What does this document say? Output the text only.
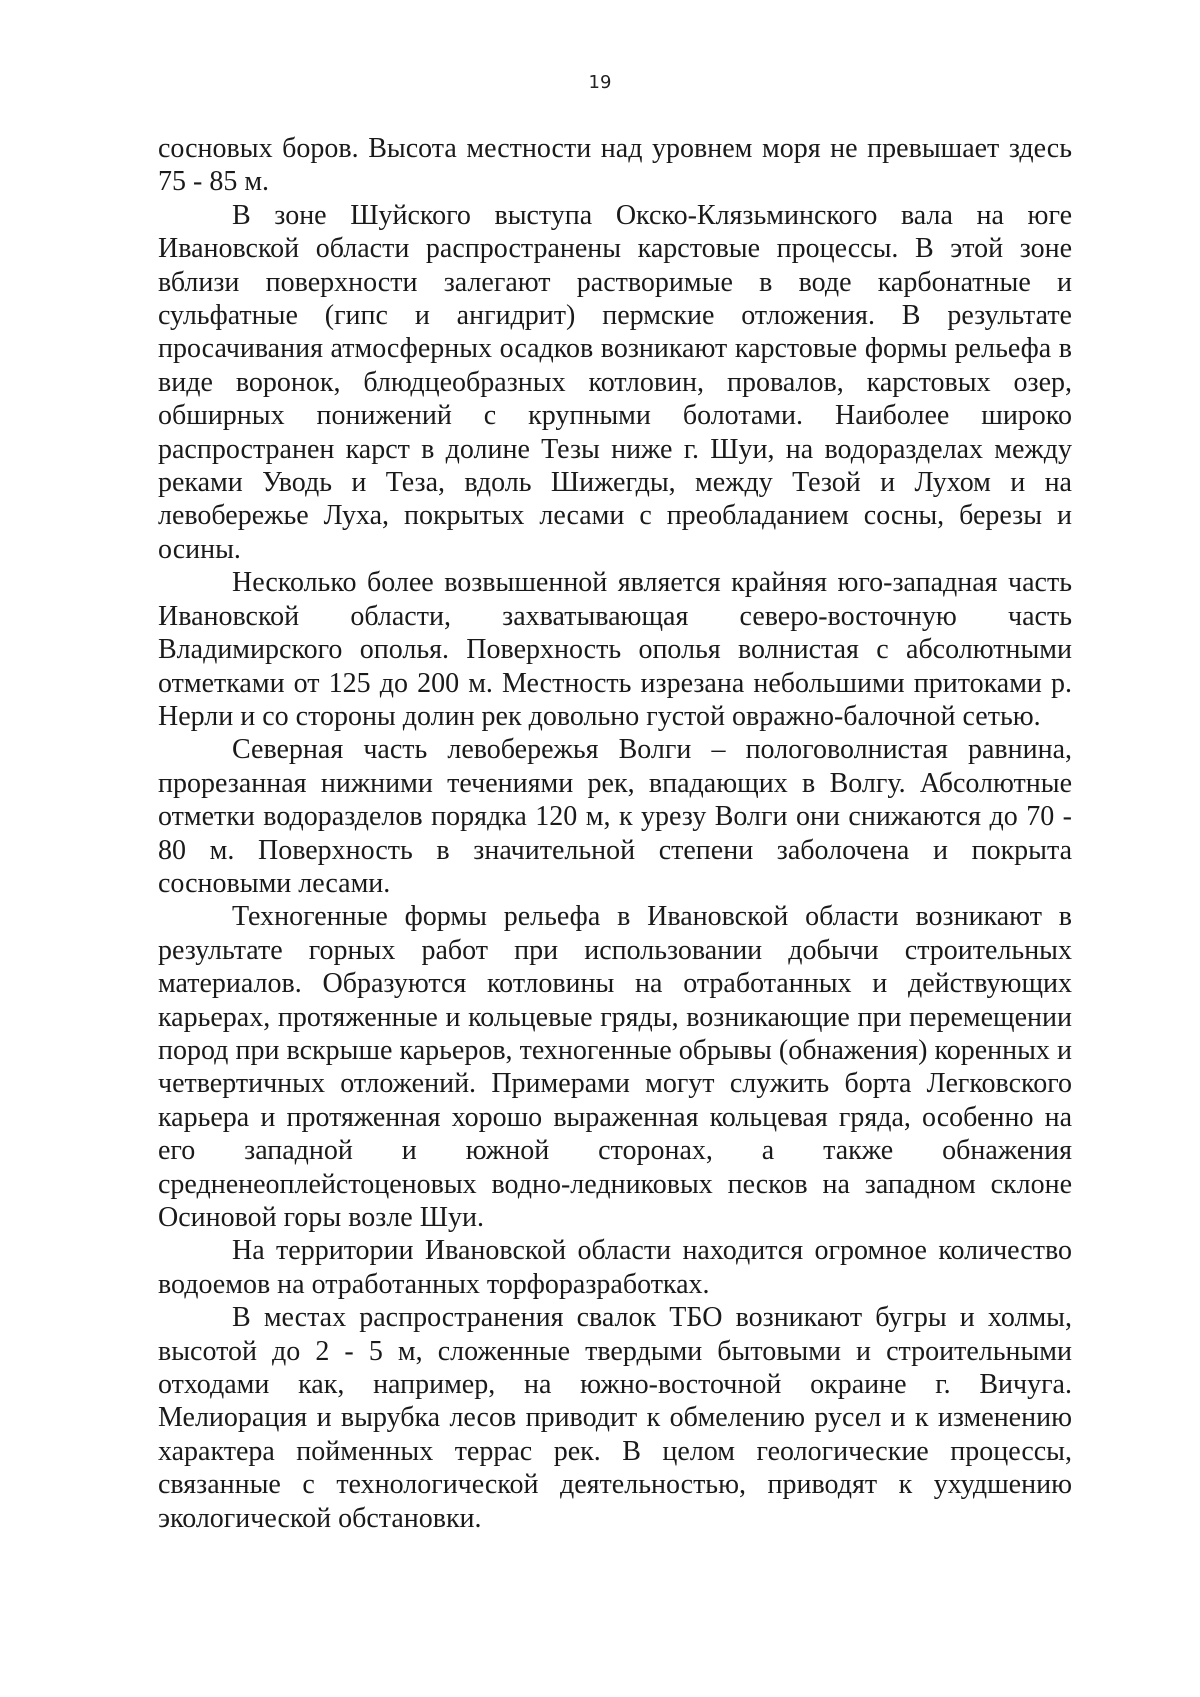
19

сосновых боров. Высота местности над уровнем моря не превышает здесь 75 - 85 м.

В зоне Шуйского выступа Окско-Клязьминского вала на юге Ивановской области распространены карстовые процессы. В этой зоне вблизи поверхности залегают растворимые в воде карбонатные и сульфатные (гипс и ангидрит) пермские отложения. В результате просачивания атмосферных осадков возникают карстовые формы рельефа в виде воронок, блюдцеобразных котловин, провалов, карстовых озер, обширных понижений с крупными болотами. Наиболее широко распространен карст в долине Тезы ниже г. Шуи, на водоразделах между реками Уводь и Теза, вдоль Шижегды, между Тезой и Лухом и на левобережье Луха, покрытых лесами с преобладанием сосны, березы и осины.

Несколько более возвышенной является крайняя юго-западная часть Ивановской области, захватывающая северо-восточную часть Владимирского ополья. Поверхность ополья волнистая с абсолютными отметками от 125 до 200 м. Местность изрезана небольшими притоками р. Нерли и со стороны долин рек довольно густой овражно-балочной сетью.

Северная часть левобережья Волги – пологоволнистая равнина, прорезанная нижними течениями рек, впадающих в Волгу. Абсолютные отметки водоразделов порядка 120 м, к урезу Волги они снижаются до 70 - 80 м. Поверхность в значительной степени заболочена и покрыта сосновыми лесами.

Техногенные формы рельефа в Ивановской области возникают в результате горных работ при использовании добычи строительных материалов. Образуются котловины на отработанных и действующих карьерах, протяженные и кольцевые гряды, возникающие при перемещении пород при вскрыше карьеров, техногенные обрывы (обнажения) коренных и четвертичных отложений. Примерами могут служить борта Легковского карьера и протяженная хорошо выраженная кольцевая гряда, особенно на его западной и южной сторонах, а также обнажения средненеоплейстоценовых водно-ледниковых песков на западном склоне Осиновой горы возле Шуи.

На территории Ивановской области находится огромное количество водоемов на отработанных торфоразработках.

В местах распространения свалок ТБО возникают бугры и холмы, высотой до 2 - 5 м, сложенные твердыми бытовыми и строительными отходами как, например, на южно-восточной окраине г. Вичуга. Мелиорация и вырубка лесов приводит к обмелению русел и к изменению характера пойменных террас рек. В целом геологические процессы, связанные с технологической деятельностью, приводят к ухудшению экологической обстановки.
